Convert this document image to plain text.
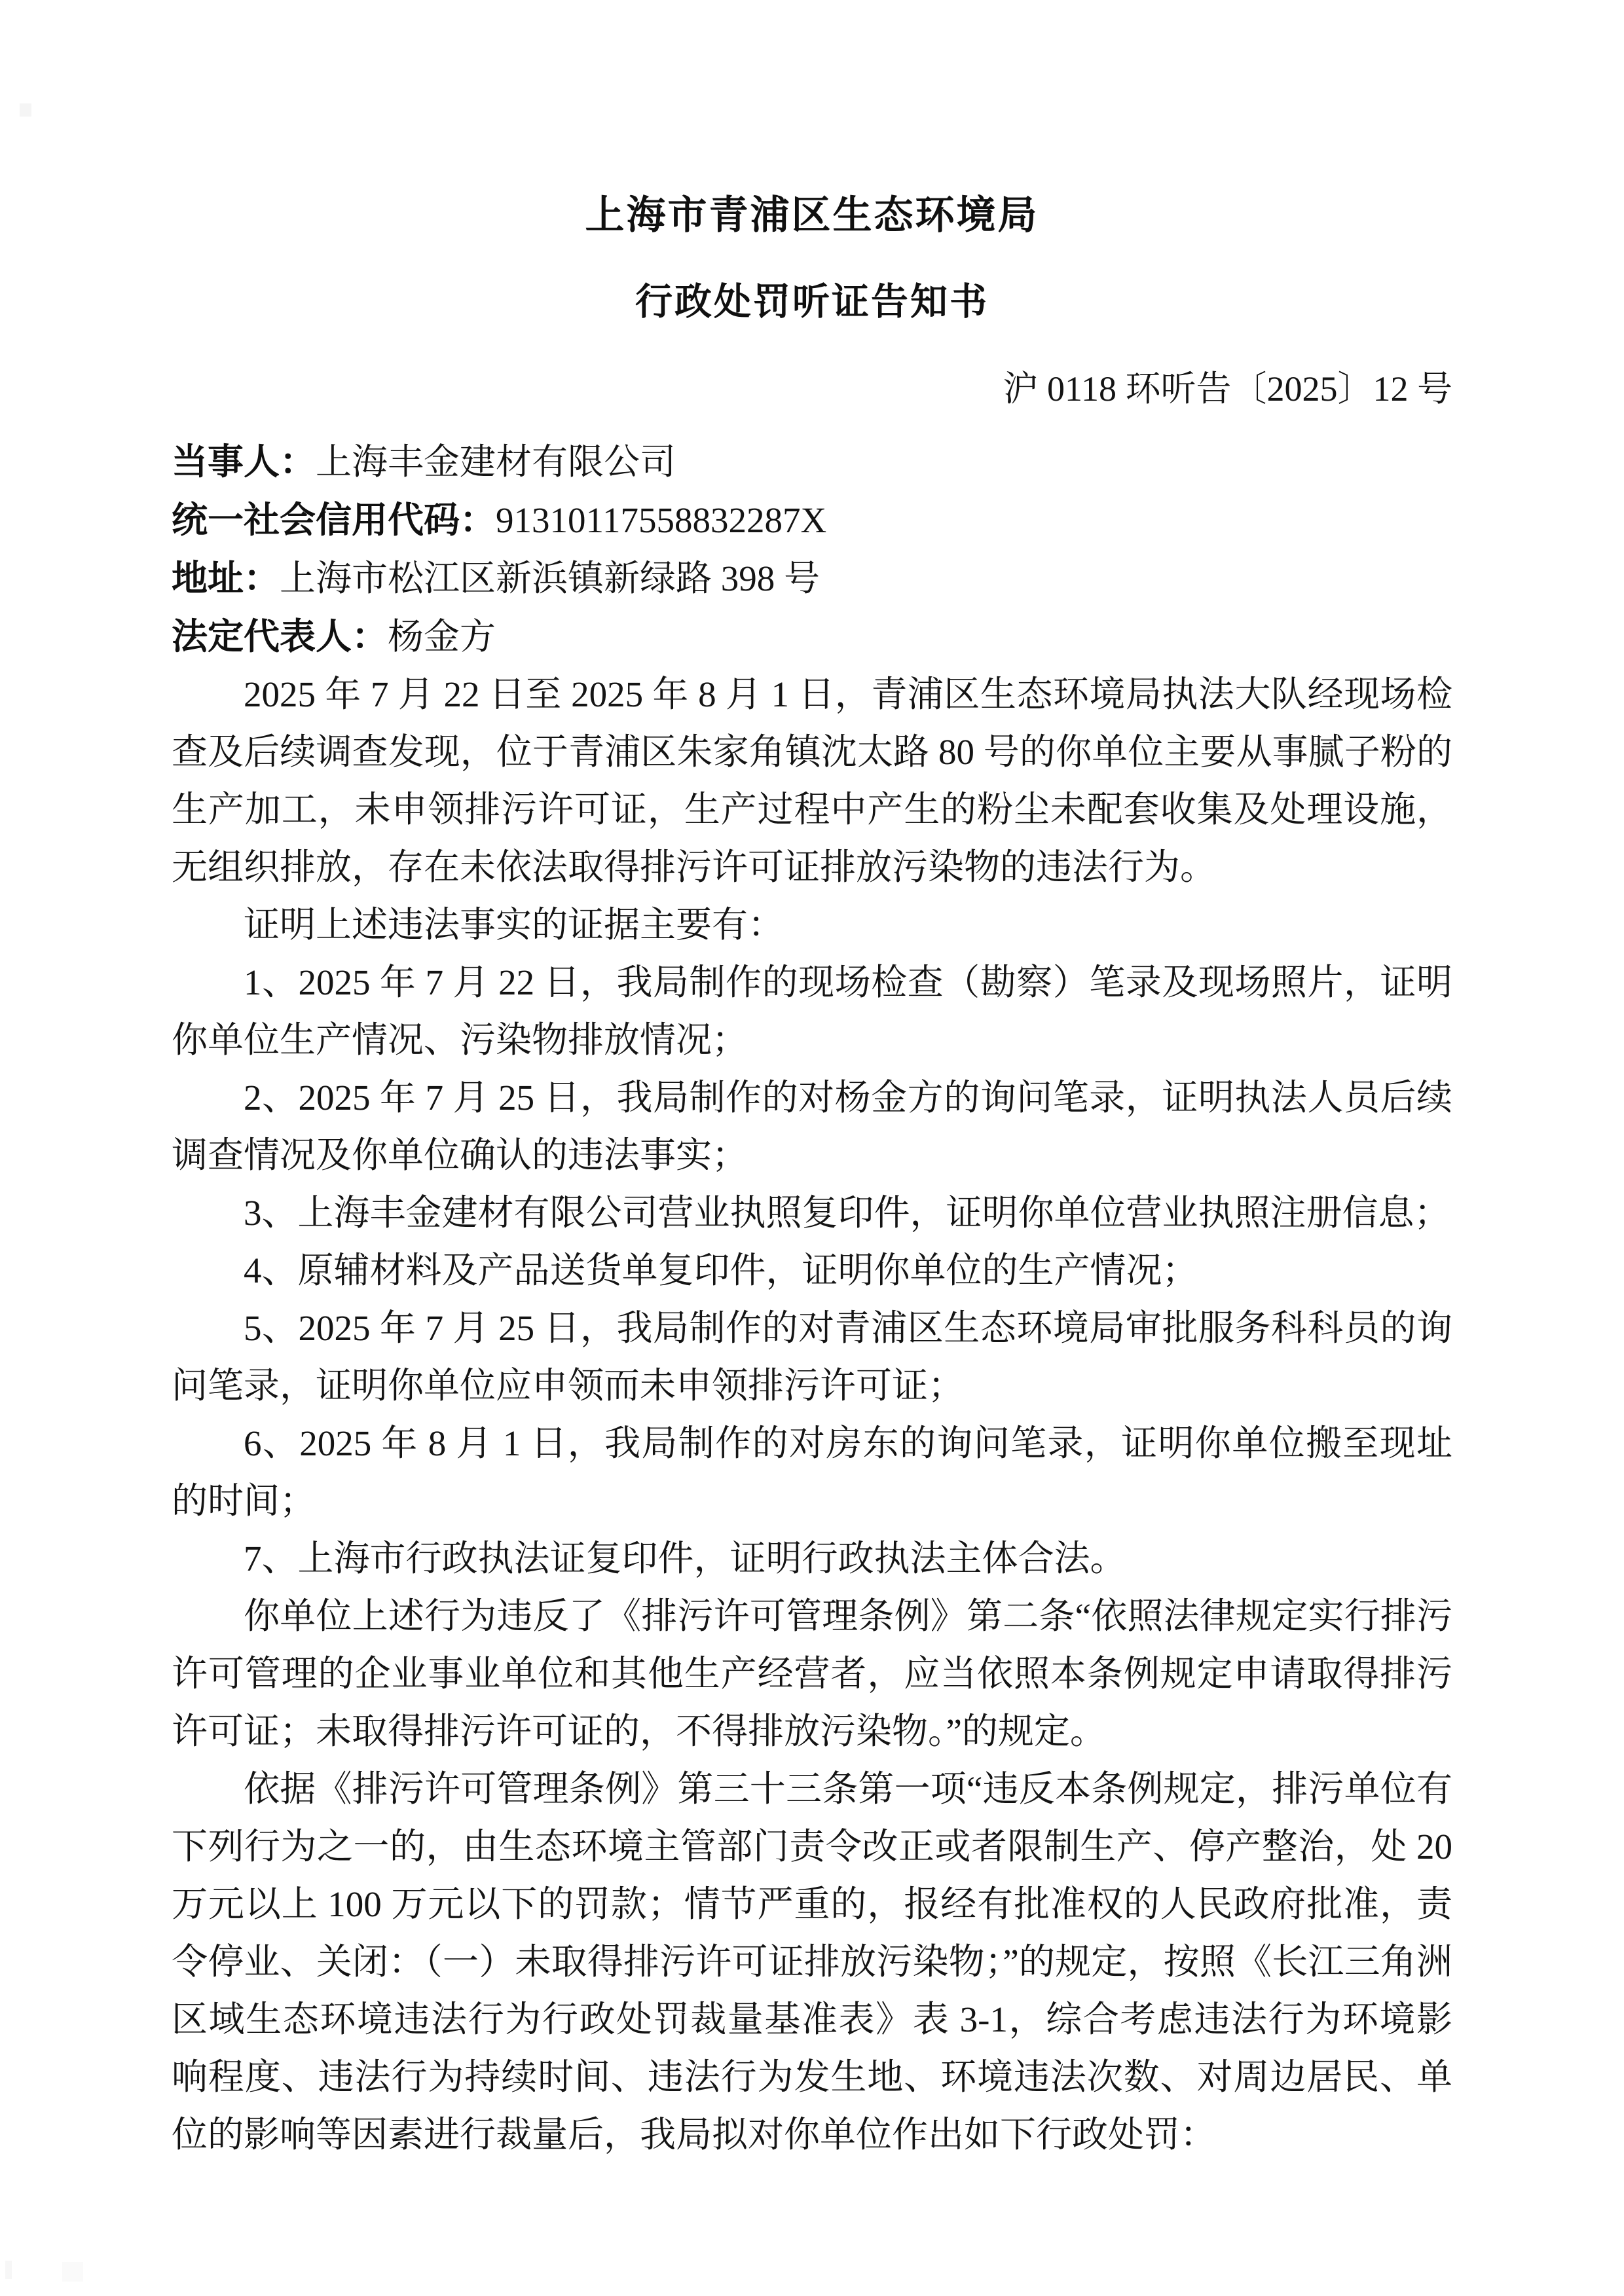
上海市青浦区生态环境局
行政处罚听证告知书
沪 0118 环听告〔2025〕12 号
当事人：上海丰金建材有限公司
统一社会信用代码：91310117558832287X
地址：上海市松江区新浜镇新绿路 398 号
法定代表人：杨金方

2025 年 7 月 22 日至 2025 年 8 月 1 日，青浦区生态环境局执法大队经现场检查及后续调查发现，位于青浦区朱家角镇沈太路 80 号的你单位主要从事腻子粉的生产加工，未申领排污许可证，生产过程中产生的粉尘未配套收集及处理设施，无组织排放，存在未依法取得排污许可证排放污染物的违法行为。

证明上述违法事实的证据主要有：

1、2025 年 7 月 22 日，我局制作的现场检查（勘察）笔录及现场照片，证明你单位生产情况、污染物排放情况；

2、2025 年 7 月 25 日，我局制作的对杨金方的询问笔录，证明执法人员后续调查情况及你单位确认的违法事实；

3、上海丰金建材有限公司营业执照复印件，证明你单位营业执照注册信息；

4、原辅材料及产品送货单复印件，证明你单位的生产情况；

5、2025 年 7 月 25 日，我局制作的对青浦区生态环境局审批服务科科员的询问笔录，证明你单位应申领而未申领排污许可证；

6、2025 年 8 月 1 日，我局制作的对房东的询问笔录，证明你单位搬至现址的时间；

7、上海市行政执法证复印件，证明行政执法主体合法。

你单位上述行为违反了《排污许可管理条例》第二条“依照法律规定实行排污许可管理的企业事业单位和其他生产经营者，应当依照本条例规定申请取得排污许可证；未取得排污许可证的，不得排放污染物。”的规定。

依据《排污许可管理条例》第三十三条第一项“违反本条例规定，排污单位有下列行为之一的，由生态环境主管部门责令改正或者限制生产、停产整治，处 20 万元以上 100 万元以下的罚款；情节严重的，报经有批准权的人民政府批准，责令停业、关闭：（一）未取得排污许可证排放污染物；”的规定，按照《长江三角洲区域生态环境违法行为行政处罚裁量基准表》表 3-1，综合考虑违法行为环境影响程度、违法行为持续时间、违法行为发生地、环境违法次数、对周边居民、单位的影响等因素进行裁量后，我局拟对你单位作出如下行政处罚：
